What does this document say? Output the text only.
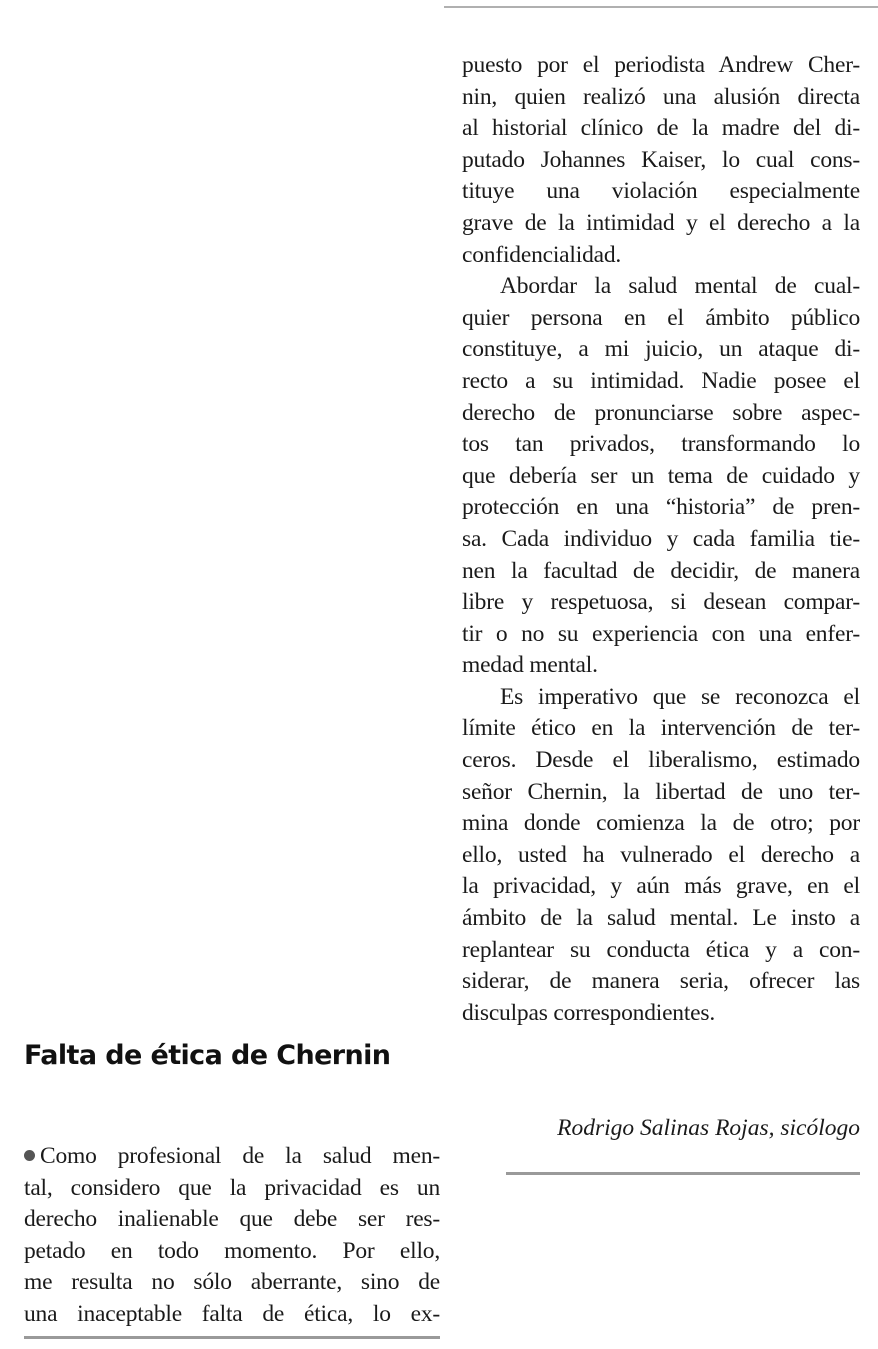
Falta de ética de Chernin
Como profesional de la salud men-
tal, considero que la privacidad es un
derecho inalienable que debe ser res-
petado en todo momento. Por ello,
me resulta no sólo aberrante, sino de
una inaceptable falta de ética, lo ex-
puesto por el periodista Andrew Cher-
nin, quien realizó una alusión directa
al historial clínico de la madre del di-
putado Johannes Kaiser, lo cual cons-
tituye una violación especialmente
grave de la intimidad y el derecho a la
confidencialidad.
Abordar la salud mental de cual-
quier persona en el ámbito público
constituye, a mi juicio, un ataque di-
recto a su intimidad. Nadie posee el
derecho de pronunciarse sobre aspec-
tos tan privados, transformando lo
que debería ser un tema de cuidado y
protección en una “historia” de pren-
sa. Cada individuo y cada familia tie-
nen la facultad de decidir, de manera
libre y respetuosa, si desean compar-
tir o no su experiencia con una enfer-
medad mental.
Es imperativo que se reconozca el
límite ético en la intervención de ter-
ceros. Desde el liberalismo, estimado
señor Chernin, la libertad de uno ter-
mina donde comienza la de otro; por
ello, usted ha vulnerado el derecho a
la privacidad, y aún más grave, en el
ámbito de la salud mental. Le insto a
replantear su conducta ética y a con-
siderar, de manera seria, ofrecer las
disculpas correspondientes.
Rodrigo Salinas Rojas, sicólogo
